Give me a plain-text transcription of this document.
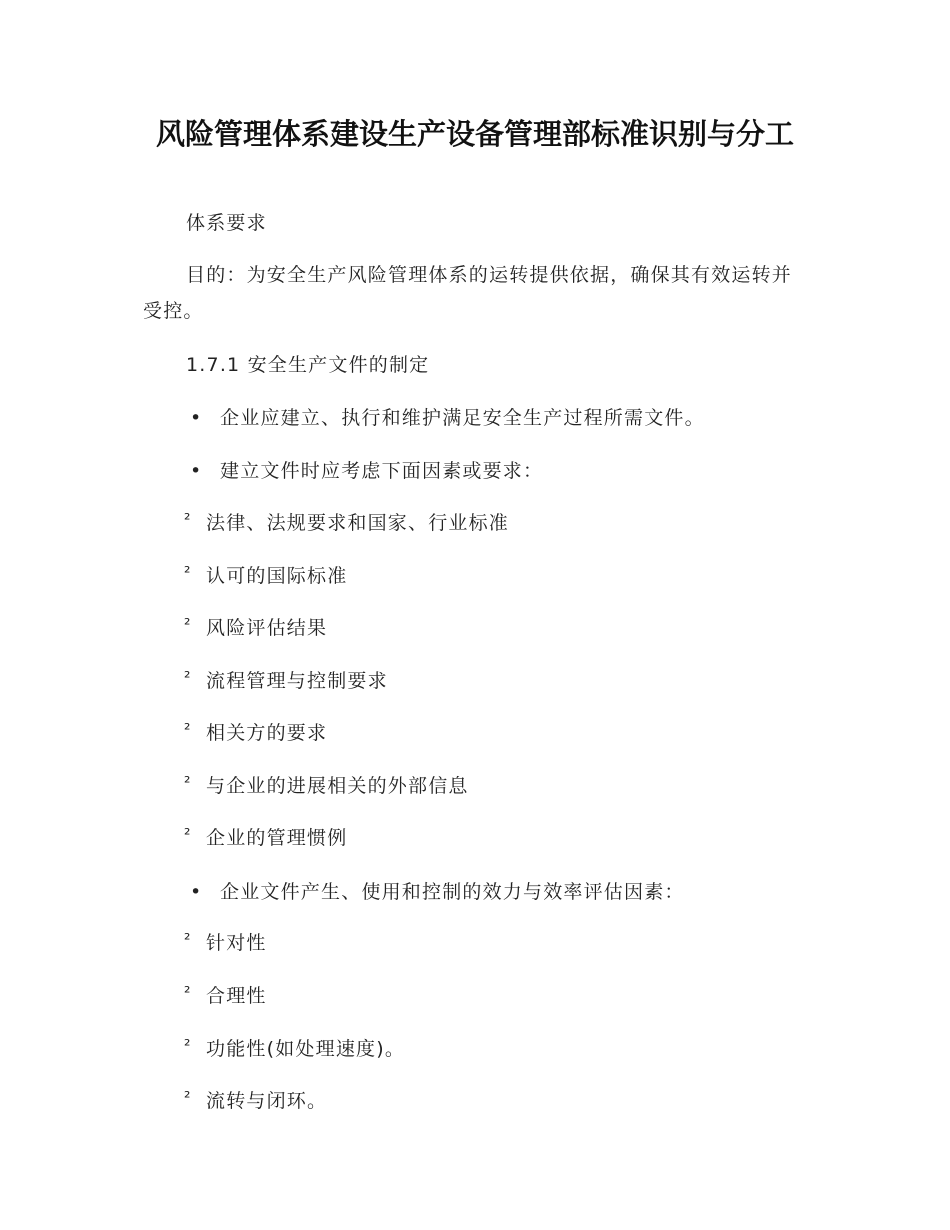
风险管理体系建设生产设备管理部标准识别与分工
体系要求
目的：为安全生产风险管理体系的运转提供依据，确保其有效运转并受控。
1.7.1 安全生产文件的制定
• 企业应建立、执行和维护满足安全生产过程所需文件。
• 建立文件时应考虑下面因素或要求：
² 法律、法规要求和国家、行业标准
² 认可的国际标准
² 风险评估结果
² 流程管理与控制要求
² 相关方的要求
² 与企业的进展相关的外部信息
² 企业的管理惯例
• 企业文件产生、使用和控制的效力与效率评估因素：
² 针对性
² 合理性
² 功能性(如处理速度)。
² 流转与闭环。
